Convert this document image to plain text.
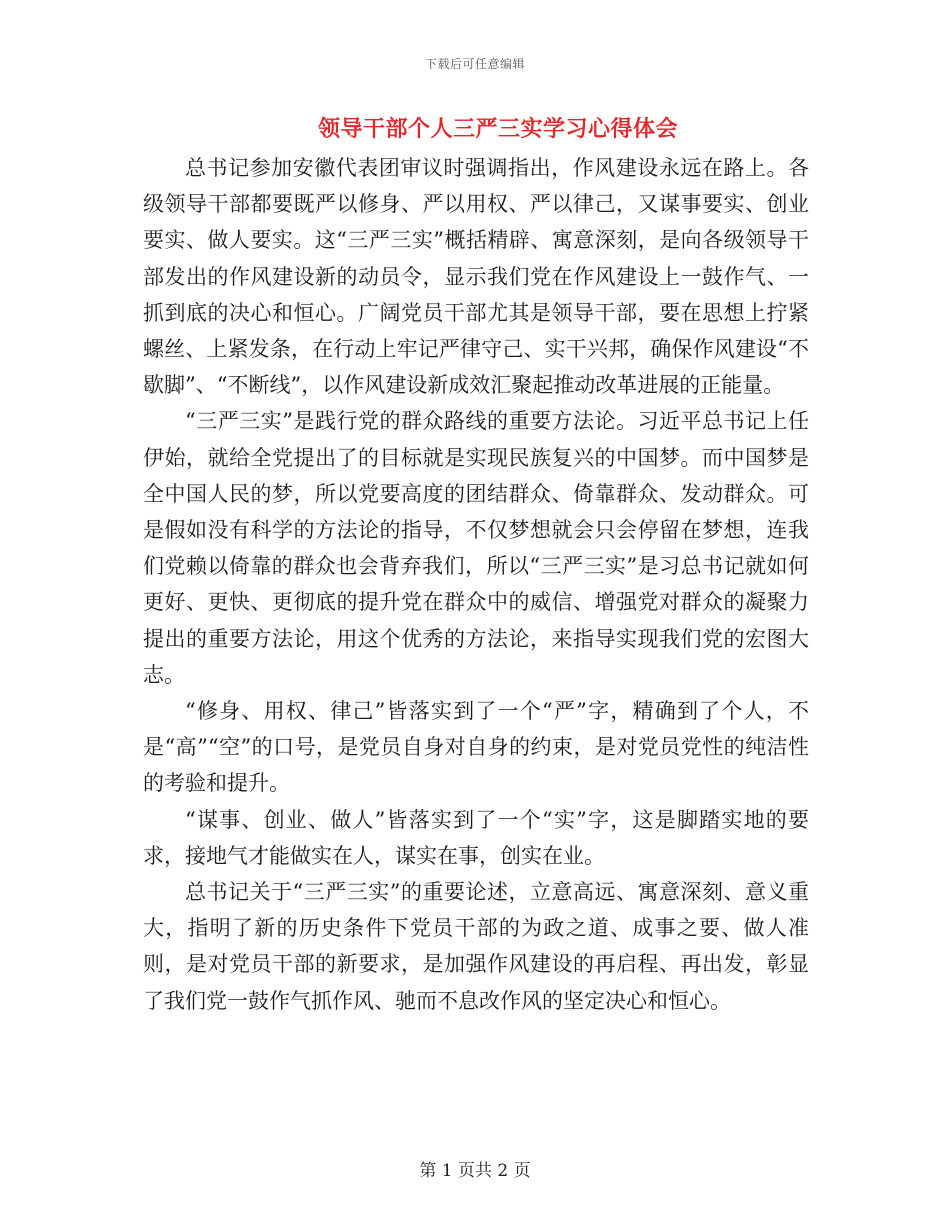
下载后可任意编辑
领导干部个人三严三实学习心得体会

总书记参加安徽代表团审议时强调指出，作风建设永远在路上。各级领导干部都要既严以修身、严以用权、严以律己，又谋事要实、创业要实、做人要实。这“三严三实”概括精辟、寓意深刻，是向各级领导干部发出的作风建设新的动员令，显示我们党在作风建设上一鼓作气、一抓到底的决心和恒心。广阔党员干部尤其是领导干部，要在思想上拧紧螺丝、上紧发条，在行动上牢记严律守己、实干兴邦，确保作风建设“不歇脚”、“不断线”，以作风建设新成效汇聚起推动改革进展的正能量。

“三严三实”是践行党的群众路线的重要方法论。习近平总书记上任伊始，就给全党提出了的目标就是实现民族复兴的中国梦。而中国梦是全中国人民的梦，所以党要高度的团结群众、倚靠群众、发动群众。可是假如没有科学的方法论的指导，不仅梦想就会只会停留在梦想，连我们党赖以倚靠的群众也会背弃我们，所以“三严三实”是习总书记就如何更好、更快、更彻底的提升党在群众中的威信、增强党对群众的凝聚力提出的重要方法论，用这个优秀的方法论，来指导实现我们党的宏图大志。

“修身、用权、律己”皆落实到了一个“严”字，精确到了个人，不是“高”“空”的口号，是党员自身对自身的约束，是对党员党性的纯洁性的考验和提升。

“谋事、创业、做人”皆落实到了一个“实”字，这是脚踏实地的要求，接地气才能做实在人，谋实在事，创实在业。

总书记关于“三严三实”的重要论述，立意高远、寓意深刻、意义重大，指明了新的历史条件下党员干部的为政之道、成事之要、做人准则，是对党员干部的新要求，是加强作风建设的再启程、再出发，彰显了我们党一鼓作气抓作风、驰而不息改作风的坚定决心和恒心。

第 1 页共 2 页
